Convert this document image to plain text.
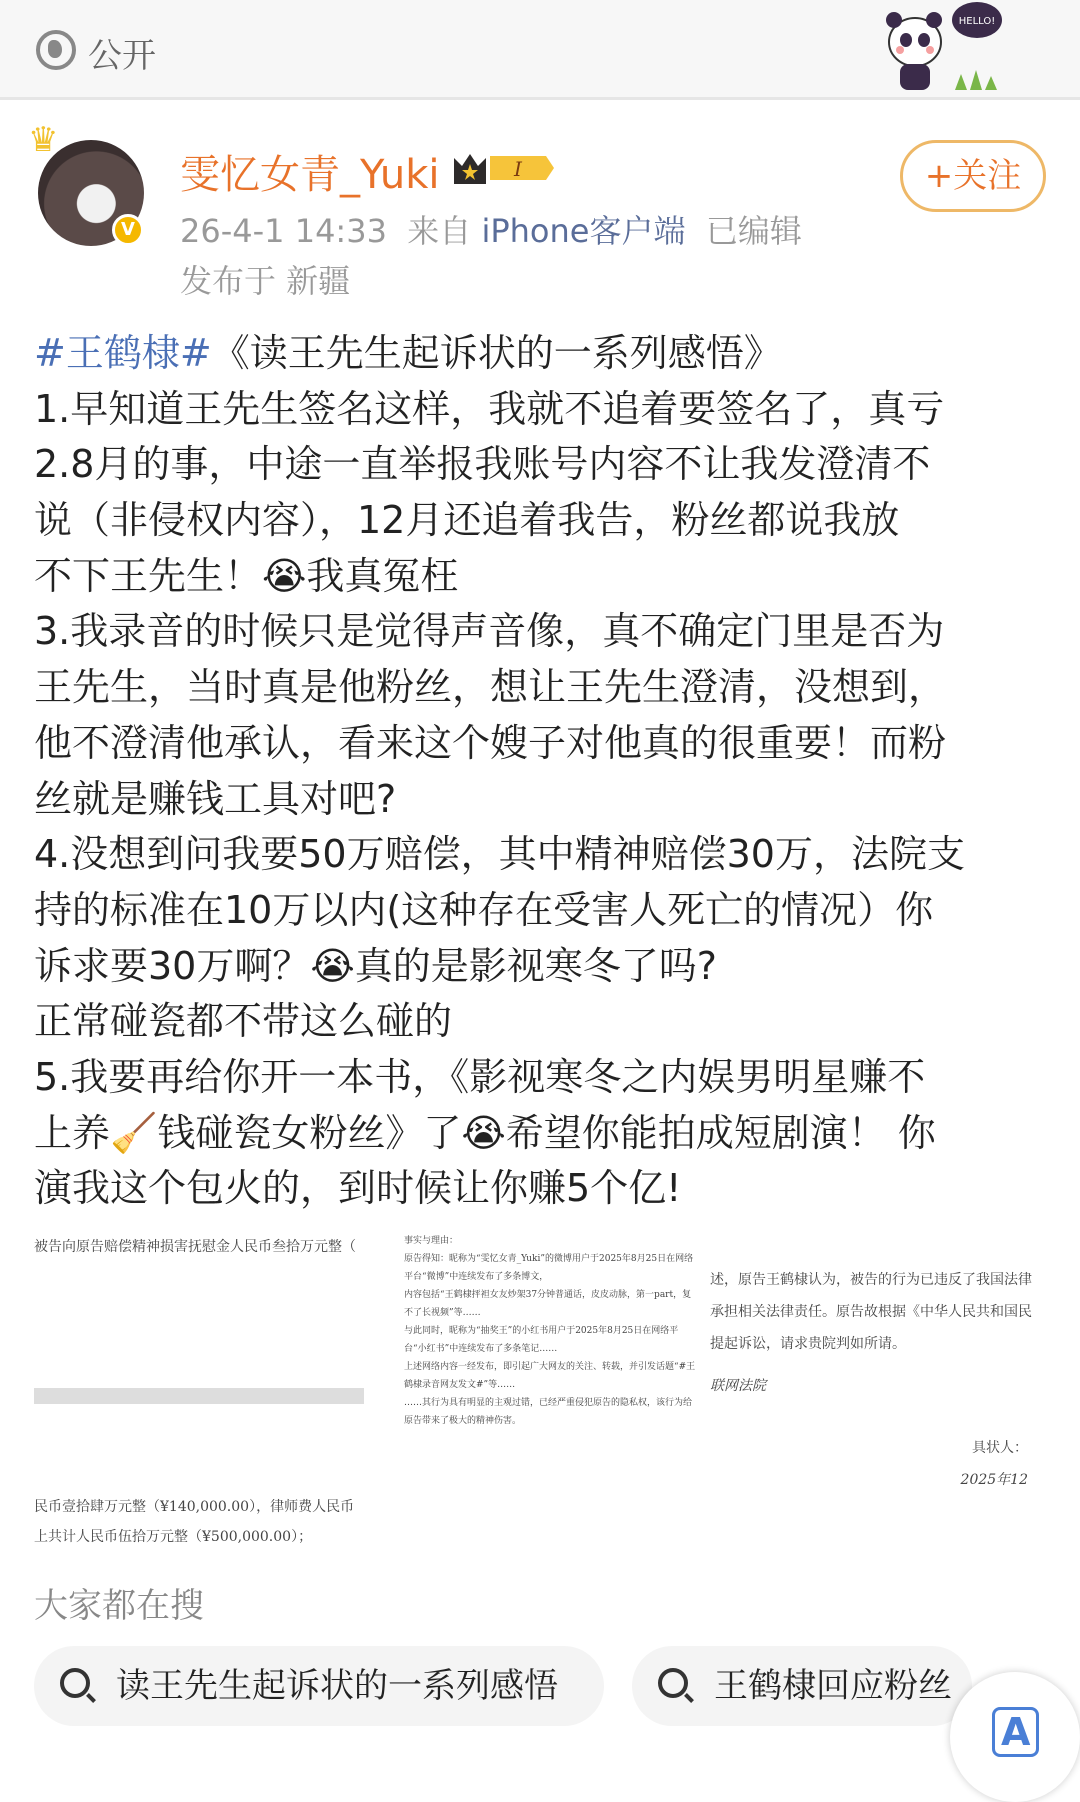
公开
HELLO!
♛
V
雯忆女青_Yuki	I	+关注
26-4-1 14:33 来自 iPhone客户端 已编辑
发布于 新疆
#王鹤棣#《读王先生起诉状的一系列感悟》
1.早知道王先生签名这样，我就不追着要签名了，真亏
2.8月的事，中途一直举报我账号内容不让我发澄清不
说（非侵权内容），12月还追着我告，粉丝都说我放
不下王先生！😭我真冤枉
3.我录音的时候只是觉得声音像，真不确定门里是否为
王先生，当时真是他粉丝，想让王先生澄清，没想到，
他不澄清他承认，看来这个嫂子对他真的很重要！而粉
丝就是赚钱工具对吧?
4.没想到问我要50万赔偿，其中精神赔偿30万，法院支
持的标准在10万以内(这种存在受害人死亡的情况）你
诉求要30万啊？😭真的是影视寒冬了吗?
正常碰瓷都不带这么碰的
5.我要再给你开一本书，《影视寒冬之内娱男明星赚不
上养🧹钱碰瓷女粉丝》了😭希望你能拍成短剧演！ 你
演我这个包火的，到时候让你赚5个亿!
被告向原告赔偿精神损害抚慰金人民币叁拾万元整（
民币壹拾肆万元整（¥140,000.00），律师费人民币
上共计人民币伍拾万元整（¥500,000.00）；
事实与理由：
原告得知：昵称为“雯忆女青_Yuki”的微博用户于2025年8月25日在网络平台“微博”中连续发布了多条博文，
内容包括“王鹤棣抨袒女友炒架37分钟普通话，皮皮动脉，第一part，复不了长视频”等……
与此同时，昵称为“抽奖王”的小红书用户于2025年8月25日在网络平台“小红书”中连续发布了多条笔记……
上述网络内容一经发布，即引起广大网友的关注、转载，并引发话题“#王鹤棣录音网友发文#”等……
……其行为具有明显的主观过错，已经严重侵犯原告的隐私权，该行为给原告带来了极大的精神伤害。
述，原告王鹤棣认为，被告的行为已违反了我国法律
承担相关法律责任。原告故根据《中华人民共和国民
提起诉讼，请求贵院判如所请。
联网法院
具状人：
2025年12
大家都在搜
读王先生起诉状的一系列感悟	王鹤棣回应粉丝
A
